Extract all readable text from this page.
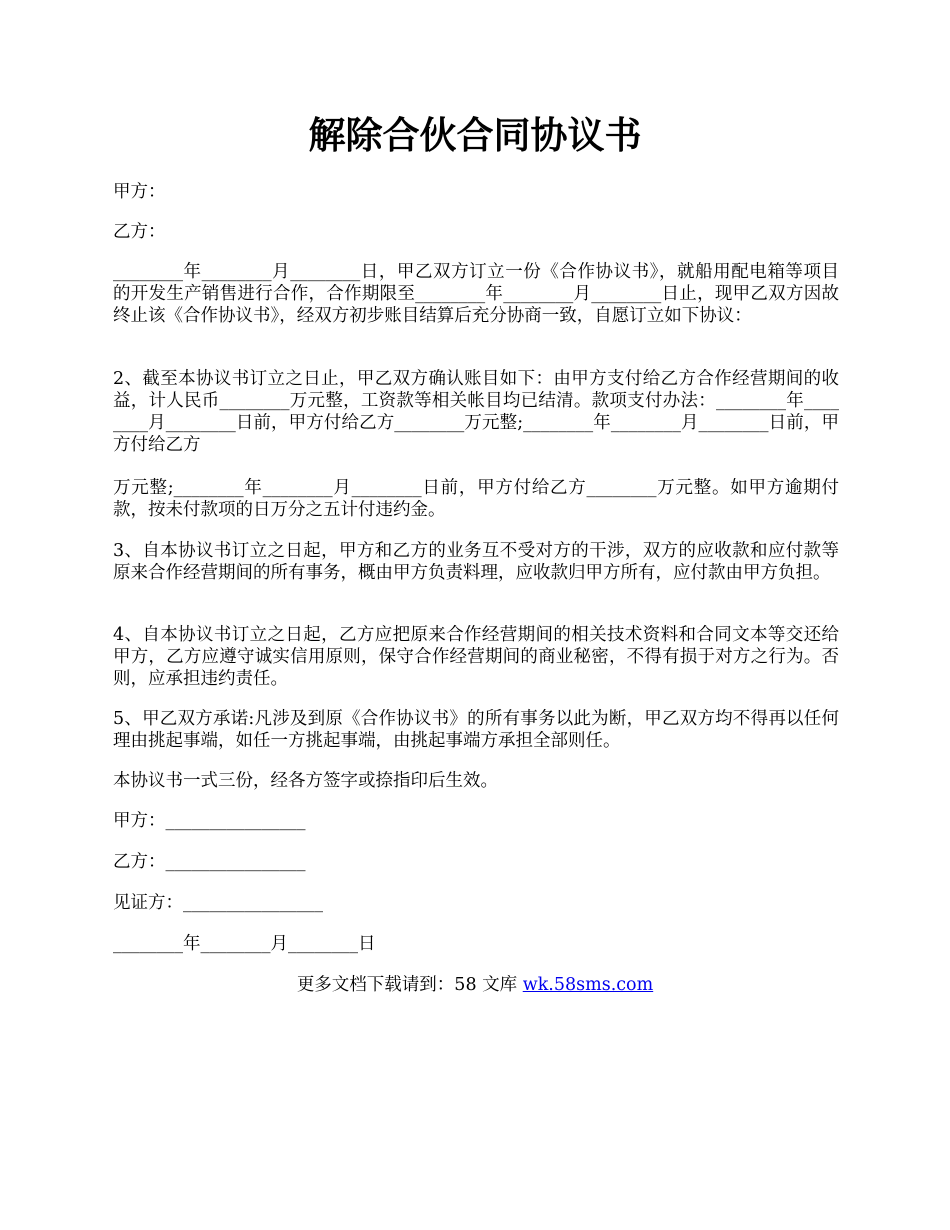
解除合伙合同协议书

甲方：

乙方：

________年________月________日，甲乙双方订立一份《合作协议书》，就船用配电箱等项目的开发生产销售进行合作，合作期限至________年________月________日止，现甲乙双方因故终止该《合作协议书》，经双方初步账目结算后充分协商一致，自愿订立如下协议：

2、截至本协议书订立之日止，甲乙双方确认账目如下：由甲方支付给乙方合作经营期间的收益，计人民币________万元整，工资款等相关帐目均已结清。款项支付办法：________年________月________日前，甲方付给乙方________万元整;________年________月________日前，甲方付给乙方

万元整;________年________月________日前，甲方付给乙方________万元整。如甲方逾期付款，按未付款项的日万分之五计付违约金。

3、自本协议书订立之日起，甲方和乙方的业务互不受对方的干涉，双方的应收款和应付款等原来合作经营期间的所有事务，概由甲方负责料理，应收款归甲方所有，应付款由甲方负担。

4、自本协议书订立之日起，乙方应把原来合作经营期间的相关技术资料和合同文本等交还给甲方，乙方应遵守诚实信用原则，保守合作经营期间的商业秘密，不得有损于对方之行为。否则，应承担违约责任。

5、甲乙双方承诺:凡涉及到原《合作协议书》的所有事务以此为断，甲乙双方均不得再以任何理由挑起事端，如任一方挑起事端，由挑起事端方承担全部则任。

本协议书一式三份，经各方签字或捺指印后生效。

甲方：________________

乙方：________________

见证方：________________

________年________月________日

更多文档下载请到：58 文库 wk.58sms.com
